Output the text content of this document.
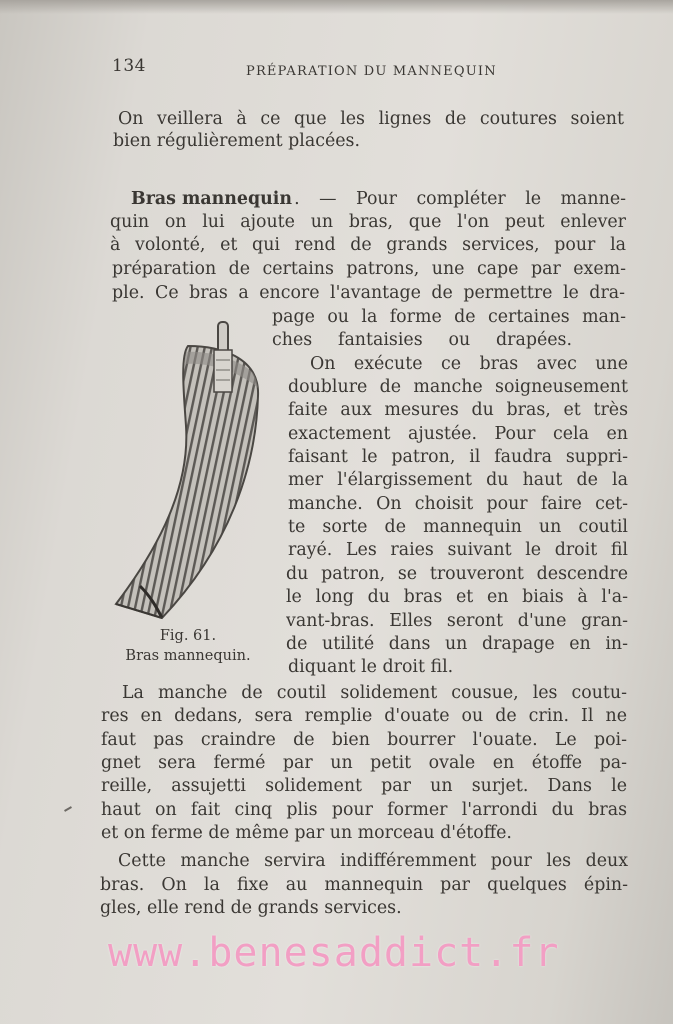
134	PRÉPARATION DU MANNEQUIN
On veillera à ce que les lignes de coutures soient
bien régulièrement placées.
Bras mannequin . — Pour compléter le manne-
quin on lui ajoute un bras, que l'on peut enlever
à volonté, et qui rend de grands services, pour la
préparation de certains patrons, une cape par exem-
ple. Ce bras a encore l'avantage de permettre le dra-
Fig. 61.
Bras mannequin.
page ou la forme de certaines man-
ches fantaisies ou drapées.
On exécute ce bras avec une
doublure de manche soigneusement
faite aux mesures du bras, et très
exactement ajustée. Pour cela en
faisant le patron, il faudra suppri-
mer l'élargissement du haut de la
manche. On choisit pour faire cet-
te sorte de mannequin un coutil
rayé. Les raies suivant le droit fil
du patron, se trouveront descendre
le long du bras et en biais à l'a-
vant-bras. Elles seront d'une gran-
de utilité dans un drapage en in-
diquant le droit fil.
La manche de coutil solidement cousue, les coutu-
res en dedans, sera remplie d'ouate ou de crin. Il ne
faut pas craindre de bien bourrer l'ouate. Le poi-
gnet sera fermé par un petit ovale en étoffe pa-
reille, assujetti solidement par un surjet. Dans le
haut on fait cinq plis pour former l'arrondi du bras
et on ferme de même par un morceau d'étoffe.
Cette manche servira indifféremment pour les deux
bras. On la fixe au mannequin par quelques épin-
gles, elle rend de grands services.
www.benesaddict.fr
